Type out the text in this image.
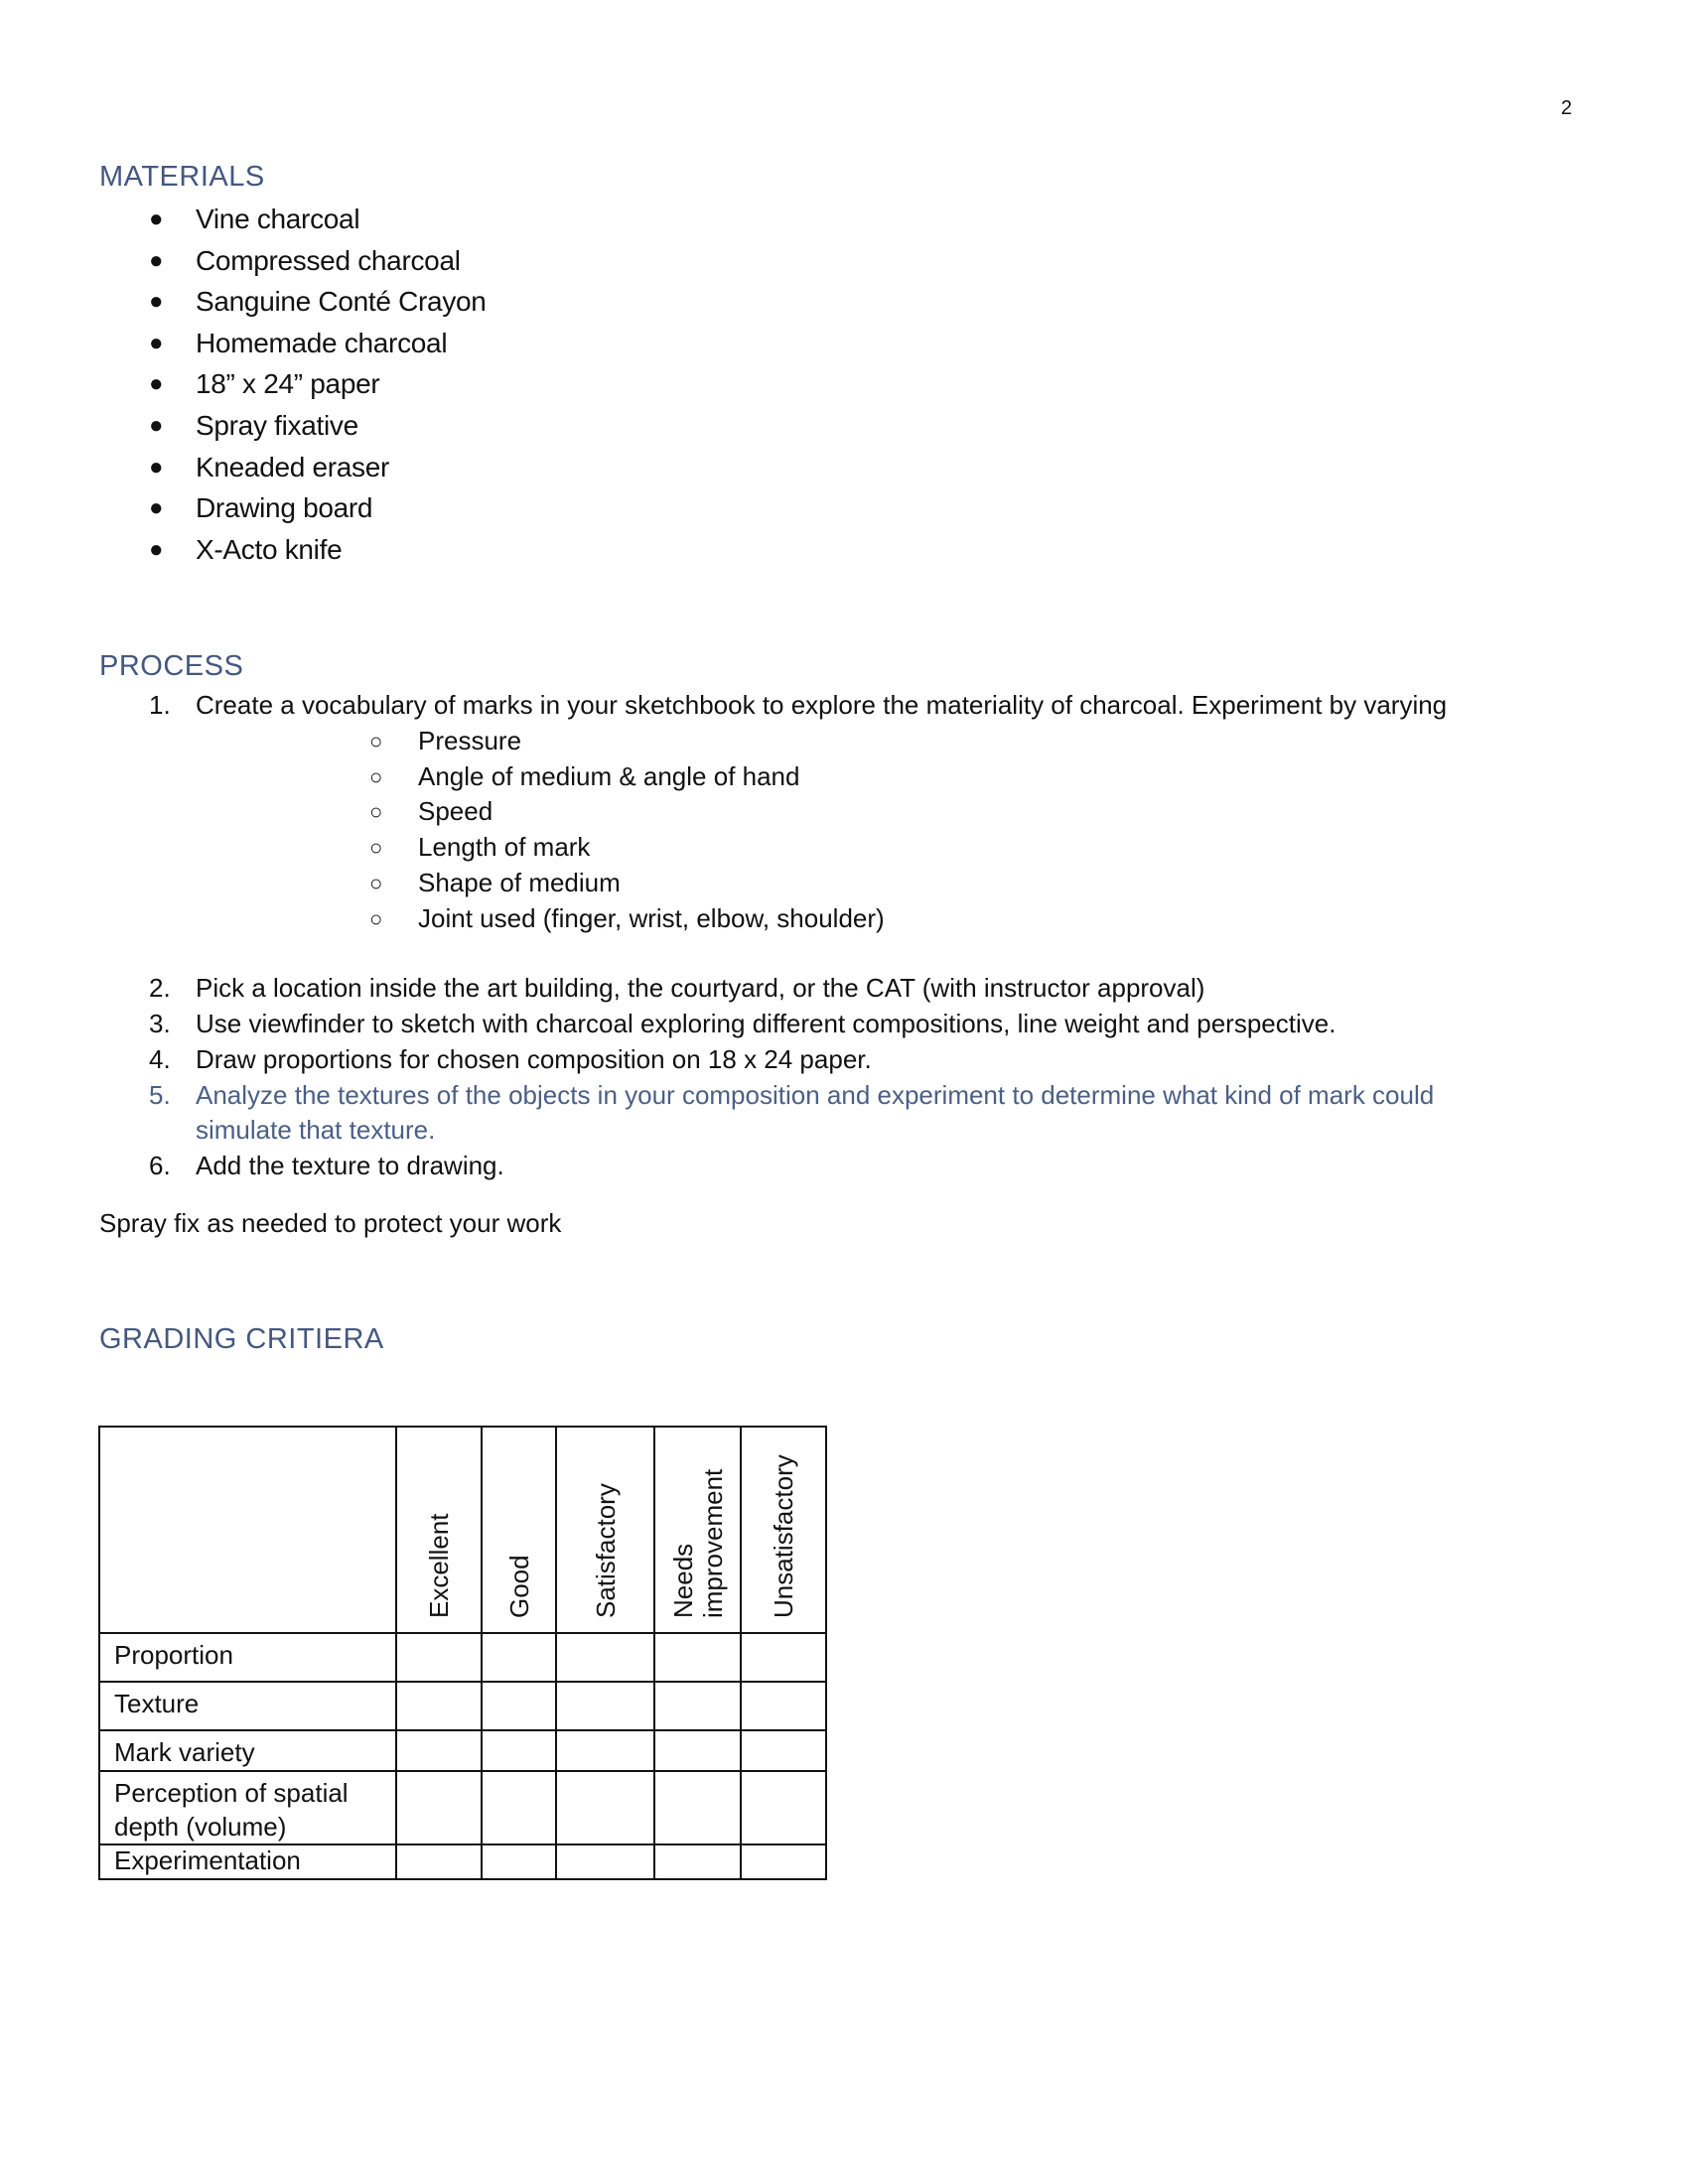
2
MATERIALS
● Vine charcoal
● Compressed charcoal
● Sanguine Conté Crayon
● Homemade charcoal
● 18” x 24” paper
● Spray fixative
● Kneaded eraser
● Drawing board
● X-Acto knife
PROCESS
1. Create a vocabulary of marks in your sketchbook to explore the materiality of charcoal. Experiment by varying
○ Pressure
○ Angle of medium & angle of hand
○ Speed
○ Length of mark
○ Shape of medium
○ Joint used (finger, wrist, elbow, shoulder)
2. Pick a location inside the art building, the courtyard, or the CAT (with instructor approval)
3. Use viewfinder to sketch with charcoal exploring different compositions, line weight and perspective.
4. Draw proportions for chosen composition on 18 x 24 paper.
5. Analyze the textures of the objects in your composition and experiment to determine what kind of mark could
simulate that texture.
6. Add the texture to drawing.
Spray fix as needed to protect your work
GRADING CRITIERA

	Excellent	Good	Satisfactory	Needs improvement	Unsatisfactory

Proportion					
Texture					
Mark variety					
Perception of spatial depth (volume)					
Experimentation					
